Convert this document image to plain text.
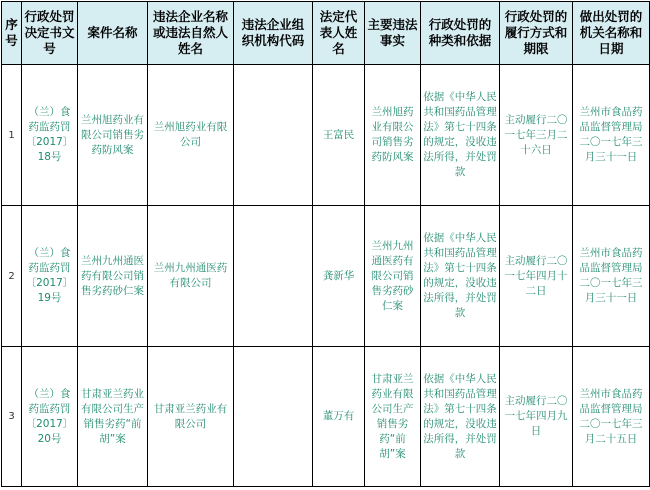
序号	行政处罚决定书文号	案件名称	违法企业名称或违法自然人姓名	违法企业组织机构代码	法定代表人姓名	主要违法事实	行政处罚的种类和依据	行政处罚的履行方式和期限	做出处罚的机关名称和日期
1	（兰）食药监药罚〔2017〕18号	兰州旭药业有限公司销售劣药防风案	兰州旭药业有限公司		王富民	兰州旭药业有限公司销售劣药防风案	依据《中华人民共和国药品管理法》第七十四条的规定，没收违法所得，并处罚款	主动履行二〇一七年三月二十六日	兰州市食品药品监督管理局 二〇一七年三月三十一日
2	（兰）食药监药罚〔2017〕19号	兰州九州通医药有限公司销售劣药砂仁案	兰州九州通医药有限公司		龚新华	兰州九州通医药有限公司销售劣药砂仁案	依据《中华人民共和国药品管理法》第七十四条的规定，没收违法所得，并处罚款	主动履行二〇一七年四月十二日	兰州市食品药品监督管理局 二〇一七年三月三十一日
3	（兰）食药监药罚〔2017〕20号	甘肃亚兰药业有限公司生产销售劣药“前胡”案	甘肃亚兰药业有限公司		董万有	甘肃亚兰药业有限公司生产销售劣药“前胡”案	依据《中华人民共和国药品管理法》第七十四条的规定，没收违法所得，并处罚款	主动履行二〇一七年四月九日	兰州市食品药品监督管理局 二〇一七年三月二十五日
